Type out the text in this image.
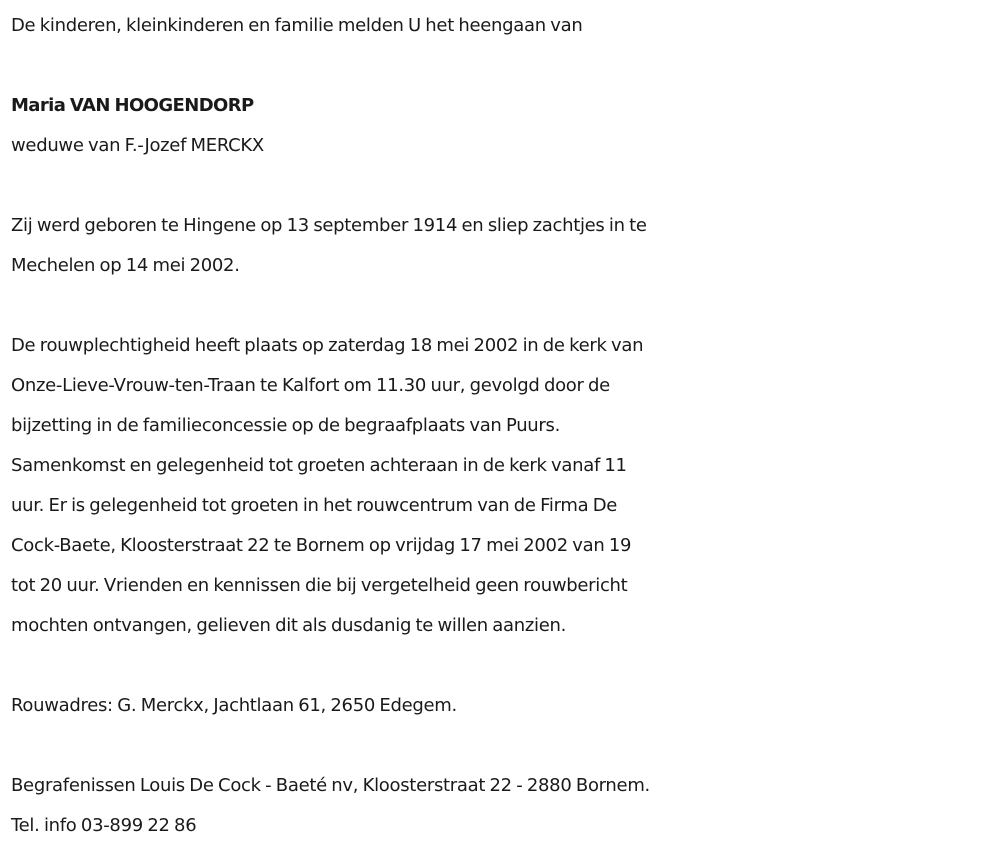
De kinderen, kleinkinderen en familie melden U het heengaan van

Maria VAN HOOGENDORP

weduwe van F.-Jozef MERCKX

Zij werd geboren te Hingene op 13 september 1914 en sliep zachtjes in te

Mechelen op 14 mei 2002.

De rouwplechtigheid heeft plaats op zaterdag 18 mei 2002 in de kerk van

Onze-Lieve-Vrouw-ten-Traan te Kalfort om 11.30 uur, gevolgd door de

bijzetting in de familieconcessie op de begraafplaats van Puurs.

Samenkomst en gelegenheid tot groeten achteraan in de kerk vanaf 11

uur. Er is gelegenheid tot groeten in het rouwcentrum van de Firma De

Cock-Baete, Kloosterstraat 22 te Bornem op vrijdag 17 mei 2002 van 19

tot 20 uur. Vrienden en kennissen die bij vergetelheid geen rouwbericht

mochten ontvangen, gelieven dit als dusdanig te willen aanzien.

Rouwadres: G. Merckx, Jachtlaan 61, 2650 Edegem.

Begrafenissen Louis De Cock - Baeté nv, Kloosterstraat 22 - 2880 Bornem.

Tel. info 03-899 22 86
